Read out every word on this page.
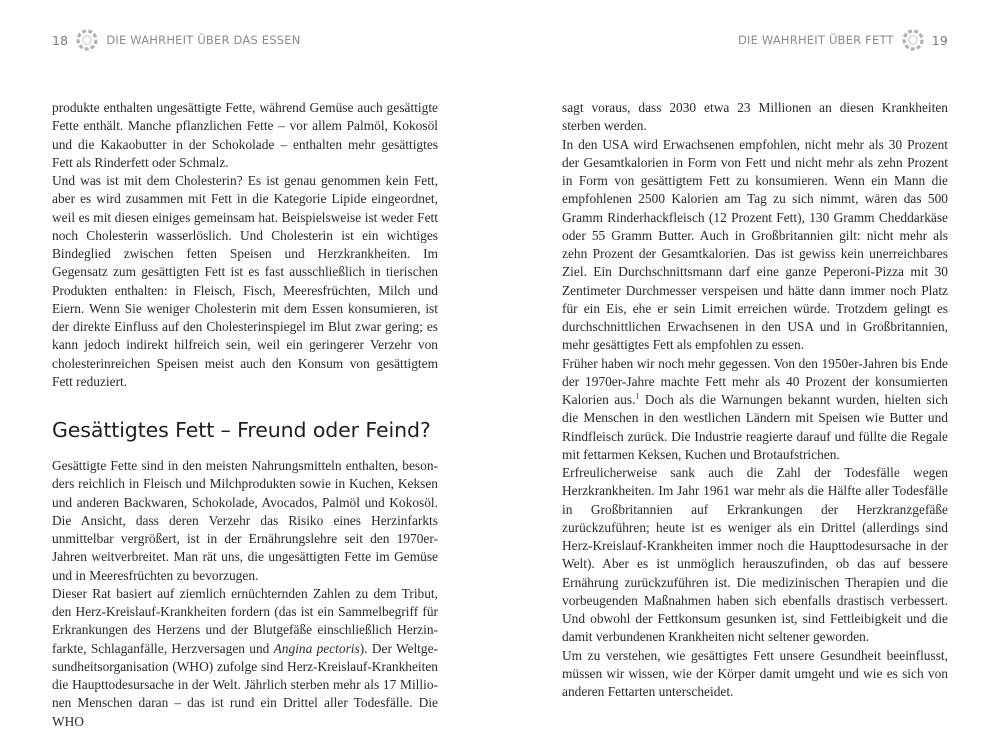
18	DIE WAHRHEIT ÜBER DAS ESSEN

produkte enthalten ungesättigte Fette, während Gemüse auch gesättigte Fette enthält. Manche pflanzlichen Fette – vor allem Palmöl, Kokosöl und die Kakaobutter in der Schokolade – enthalten mehr gesättigtes Fett als Rinderfett oder Schmalz.

Und was ist mit dem Cholesterin? Es ist genau genommen kein Fett, aber es wird zusammen mit Fett in die Kategorie Lipide eingeordnet, weil es mit diesen einiges gemeinsam hat. Beispielsweise ist weder Fett noch Cholesterin wasserlöslich. Und Cholesterin ist ein wichtiges Bindeglied zwischen fetten Speisen und Herzkrankheiten. Im Gegensatz zum gesättigten Fett ist es fast ausschließlich in tierischen Produkten enthalten: in Fleisch, Fisch, Meeresfrüchten, Milch und Eiern. Wenn Sie weniger Cholesterin mit dem Essen konsumieren, ist der direkte Einfluss auf den Cholesterinspiegel im Blut zwar gering; es kann jedoch indirekt hilfreich sein, weil ein geringerer Verzehr von cholesterinreichen Speisen meist auch den Konsum von gesättigtem Fett reduziert.

Gesättigtes Fett – Freund oder Feind?

Gesättigte Fette sind in den meisten Nahrungsmitteln enthalten, besonders reichlich in Fleisch und Milchprodukten sowie in Kuchen, Keksen und anderen Backwaren, Schokolade, Avocados, Palmöl und Kokosöl. Die Ansicht, dass deren Verzehr das Risiko eines Herzinfarkts unmittelbar vergrößert, ist in der Ernährungslehre seit den 1970er-Jahren weitverbreitet. Man rät uns, die ungesättigten Fette im Gemüse und in Meeresfrüchten zu bevorzugen.

Dieser Rat basiert auf ziemlich ernüchternden Zahlen zu dem Tribut, den Herz-Kreislauf-Krankheiten fordern (das ist ein Sammelbegriff für Erkrankungen des Herzens und der Blutgefäße einschließlich Herzinfarkte, Schlaganfälle, Herzversagen und Angina pectoris). Der Weltgesundheitsorganisation (WHO) zufolge sind Herz-Kreislauf-Krankheiten die Haupttodesursache in der Welt. Jährlich sterben mehr als 17 Millionen Menschen daran – das ist rund ein Drittel aller Todesfälle. Die WHO

DIE WAHRHEIT ÜBER FETT	19

sagt voraus, dass 2030 etwa 23 Millionen an diesen Krankheiten sterben werden.

In den USA wird Erwachsenen empfohlen, nicht mehr als 30 Prozent der Gesamtkalorien in Form von Fett und nicht mehr als zehn Prozent in Form von gesättigtem Fett zu konsumieren. Wenn ein Mann die empfohlenen 2500 Kalorien am Tag zu sich nimmt, wären das 500 Gramm Rinderhackfleisch (12 Prozent Fett), 130 Gramm Cheddarkäse oder 55 Gramm Butter. Auch in Großbritannien gilt: nicht mehr als zehn Prozent der Gesamtkalorien. Das ist gewiss kein unerreichbares Ziel. Ein Durchschnittsmann darf eine ganze Peperoni-Pizza mit 30 Zentimeter Durchmesser verspeisen und hätte dann immer noch Platz für ein Eis, ehe er sein Limit erreichen würde. Trotzdem gelingt es durchschnittlichen Erwachsenen in den USA und in Großbritannien, mehr gesättigtes Fett als empfohlen zu essen.

Früher haben wir noch mehr gegessen. Von den 1950er-Jahren bis Ende der 1970er-Jahre machte Fett mehr als 40 Prozent der konsumierten Kalorien aus.$^1$ Doch als die Warnungen bekannt wurden, hielten sich die Menschen in den westlichen Ländern mit Speisen wie Butter und Rindfleisch zurück. Die Industrie reagierte darauf und füllte die Regale mit fettarmen Keksen, Kuchen und Brotaufstrichen.

Erfreulicherweise sank auch die Zahl der Todesfälle wegen Herzkrankheiten. Im Jahr 1961 war mehr als die Hälfte aller Todesfälle in Großbritannien auf Erkrankungen der Herzkranzgefäße zurückzuführen; heute ist es weniger als ein Drittel (allerdings sind Herz-Kreislauf-Krankheiten immer noch die Haupttodesursache in der Welt). Aber es ist unmöglich herauszufinden, ob das auf bessere Ernährung zurückzuführen ist. Die medizinischen Therapien und die vorbeugenden Maßnahmen haben sich ebenfalls drastisch verbessert. Und obwohl der Fettkonsum gesunken ist, sind Fettleibigkeit und die damit verbundenen Krankheiten nicht seltener geworden.

Um zu verstehen, wie gesättigtes Fett unsere Gesundheit beeinflusst, müssen wir wissen, wie der Körper damit umgeht und wie es sich von anderen Fettarten unterscheidet.
